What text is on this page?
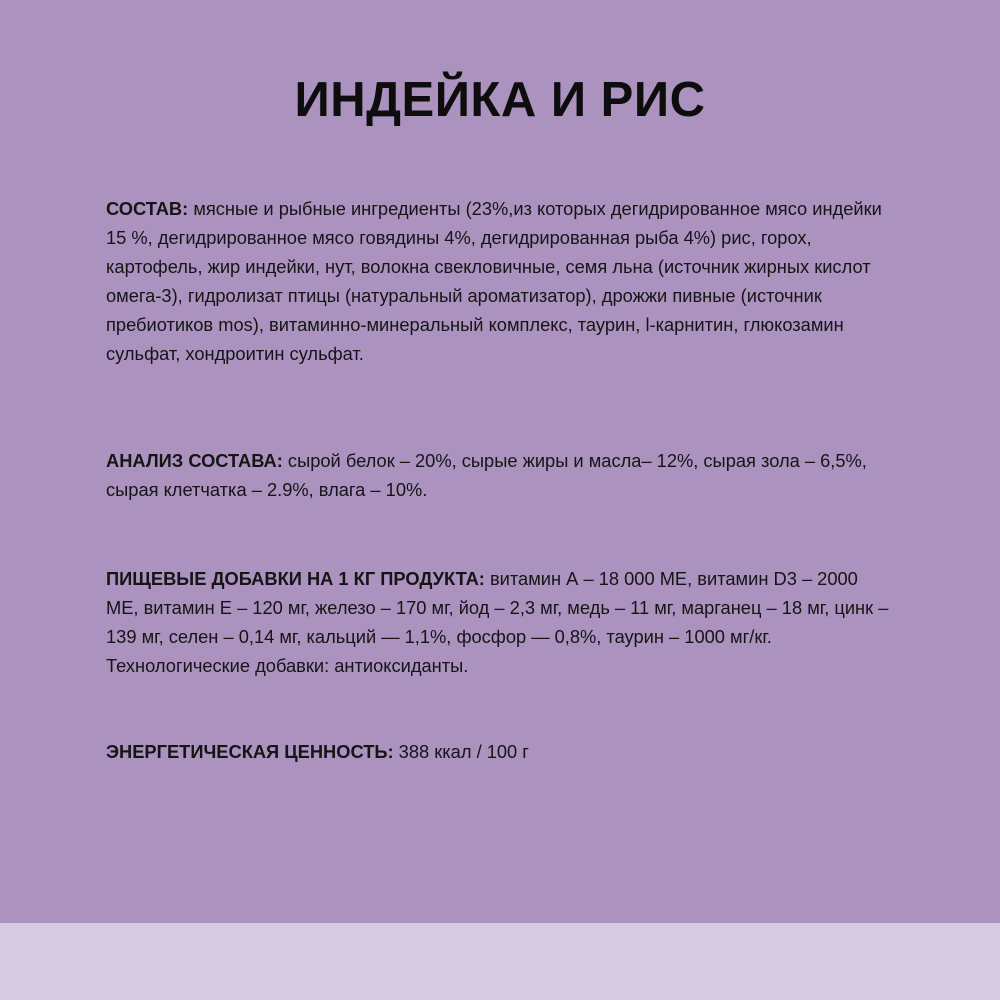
ИНДЕЙКА И РИС

СОСТАВ: мясные и рыбные ингредиенты (23%,из которых дегидрированное мясо индейки 15 %, дегидрированное мясо говядины 4%, дегидрированная рыба 4%) рис, горох, картофель, жир индейки, нут, волокна свекловичные, семя льна (источник жирных кислот омега-3), гидролизат птицы (натуральный ароматизатор), дрожжи пивные (источник пребиотиков mos), витаминно-минеральный комплекс, таурин, l-карнитин, глюкозамин сульфат, хондроитин сульфат.

АНАЛИЗ СОСТАВА: сырой белок – 20%, сырые жиры и масла– 12%, сырая зола – 6,5%, сырая клетчатка – 2.9%, влага – 10%.

ПИЩЕВЫЕ ДОБАВКИ НА 1 КГ ПРОДУКТА: витамин А – 18 000 МЕ, витамин D3 – 2000 МЕ, витамин Е – 120 мг, железо – 170 мг, йод – 2,3 мг, медь – 11 мг, марганец – 18 мг, цинк – 139 мг, селен – 0,14 мг, кальций — 1,1%, фосфор — 0,8%, таурин – 1000 мг/кг. Технологические добавки: антиоксиданты.

ЭНЕРГЕТИЧЕСКАЯ ЦЕННОСТЬ: 388 ккал / 100 г
